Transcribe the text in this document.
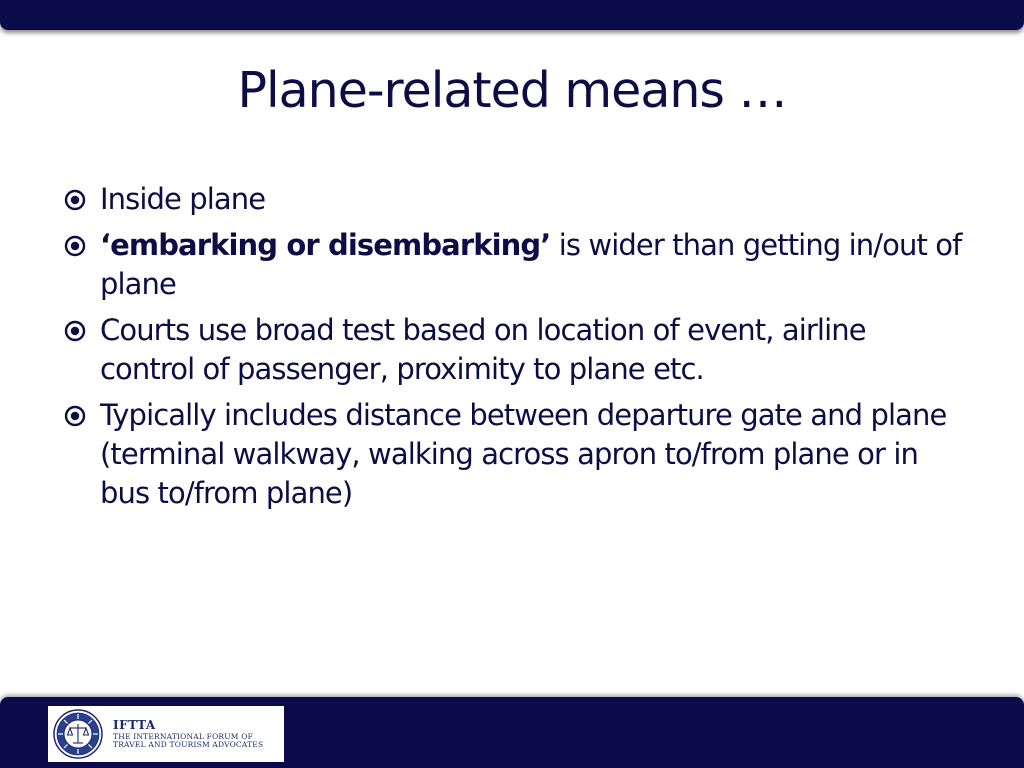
Plane-related means …
Inside plane
‘embarking or disembarking’ is wider than getting in/out of plane
Courts use broad test based on location of event, airline control of passenger, proximity to plane etc.
Typically includes distance between departure gate and plane (terminal walkway, walking across apron to/from plane or in bus to/from plane)
IFTTA
THE INTERNATIONAL FORUM OF
TRAVEL AND TOURISM ADVOCATES
